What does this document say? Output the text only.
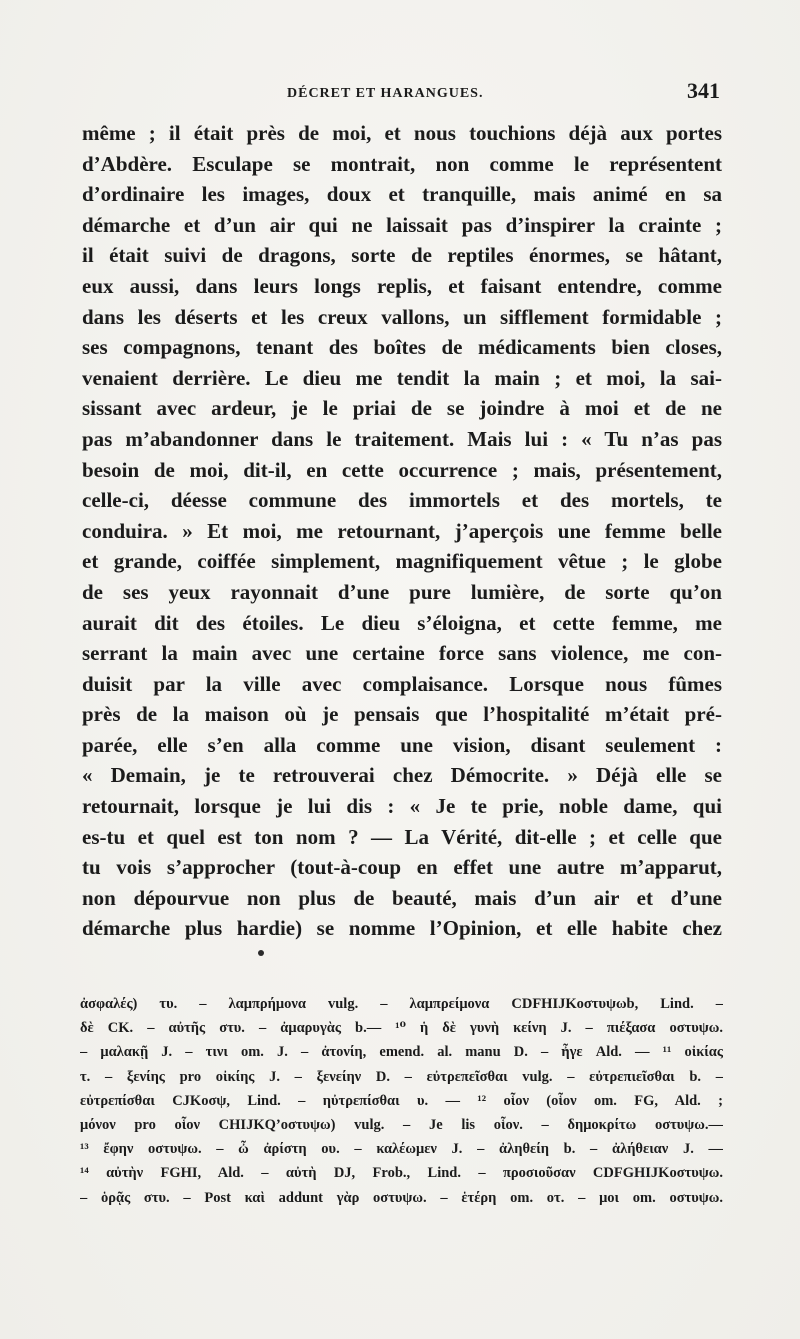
DÉCRET ET HARANGUES.	341
même ; il était près de moi, et nous touchions déjà aux portes
d’Abdère. Esculape se montrait, non comme le représentent
d’ordinaire les images, doux et tranquille, mais animé en sa
démarche et d’un air qui ne laissait pas d’inspirer la crainte ;
il était suivi de dragons, sorte de reptiles énormes, se hâtant,
eux aussi, dans leurs longs replis, et faisant entendre, comme
dans les déserts et les creux vallons, un sifflement formidable ;
ses compagnons, tenant des boîtes de médicaments bien closes,
venaient derrière. Le dieu me tendit la main ; et moi, la sai-
sissant avec ardeur, je le priai de se joindre à moi et de ne
pas m’abandonner dans le traitement. Mais lui : « Tu n’as pas
besoin de moi, dit-il, en cette occurrence ; mais, présentement,
celle-ci, déesse commune des immortels et des mortels, te
conduira. » Et moi, me retournant, j’aperçois une femme belle
et grande, coiffée simplement, magnifiquement vêtue ; le globe
de ses yeux rayonnait d’une pure lumière, de sorte qu’on
aurait dit des étoiles. Le dieu s’éloigna, et cette femme, me
serrant la main avec une certaine force sans violence, me con-
duisit par la ville avec complaisance. Lorsque nous fûmes
près de la maison où je pensais que l’hospitalité m’était pré-
parée, elle s’en alla comme une vision, disant seulement :
« Demain, je te retrouverai chez Démocrite. » Déjà elle se
retournait, lorsque je lui dis : « Je te prie, noble dame, qui
es-tu et quel est ton nom ? — La Vérité, dit-elle ; et celle que
tu vois s’approcher (tout-à-coup en effet une autre m’apparut,
non dépourvue non plus de beauté, mais d’un air et d’une
démarche plus hardie) se nomme l’Opinion, et elle habite chez
ἀσφαλές) τυ. – λαμπρήμονα vulg. – λαμπρείμονα CDFHIJKοστυψωb, Lind. –
δὲ CK. – αὐτῆς στυ. – ἀμαρυγὰς b.— ¹⁰ ἡ δὲ γυνὴ κείνη J. – πιέξασα οστυψω.
– μαλακῇ J. – τινι om. J. – ἀτονίη, emend. al. manu D. – ἦγε Ald. — ¹¹ οἰκίας
τ. – ξενίης pro οἰκίης J. – ξενείην D. – εὐτρεπεῖσθαι vulg. – εὐτρεπιεῖσθαι b. –
εὐτρεπίσθαι CJKοσψ, Lind. – ηὐτρεπίσθαι υ. — ¹² οἷον (οἷον om. FG, Ald. ;
μόνον pro οἷον CHIJKQ’οστυψω) vulg. – Je lis οἷον. – δημοκρίτω οστυψω.—
¹³ ἔφην οστυψω. – ὦ ἀρίστη ου. – καλέωμεν J. – ἀληθείη b. – ἀλήθειαν J. —
¹⁴ αὐτὴν FGHI, Ald. – αὐτὴ DJ, Frob., Lind. – προσιοῦσαν CDFGHIJKοστυψω.
– ὁρᾷς στυ. – Post καὶ addunt γὰρ οστυψω. – ἑτέρη om. οτ. – μοι om. οστυψω.
